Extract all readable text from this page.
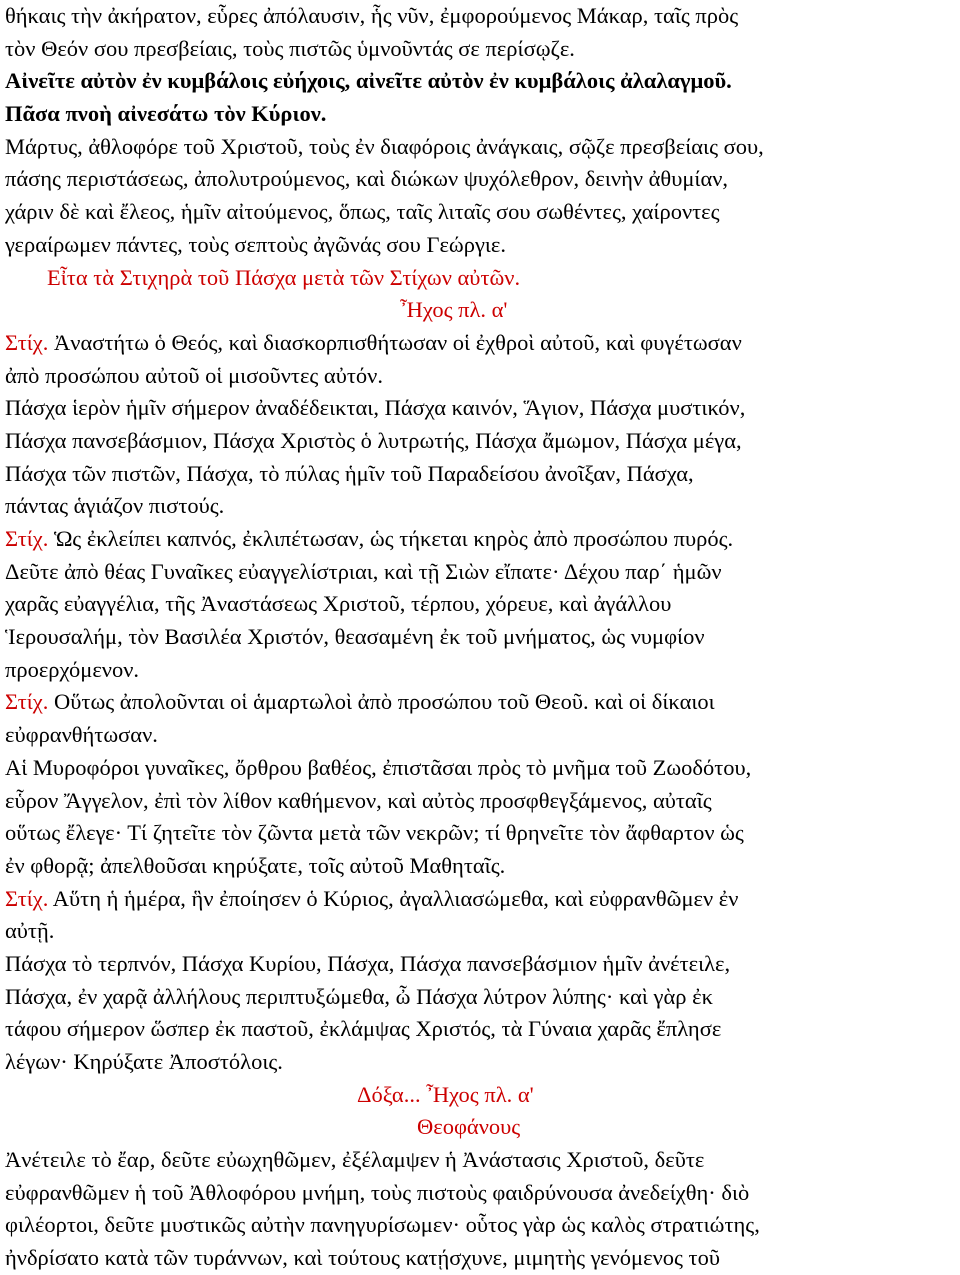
θήκαις τὴν ἀκήρατον, εὗρες ἀπόλαυσιν, ἧς νῦν, ἐμφορούμενος Μάκαρ, ταῖς πρὸς
τὸν Θεόν σου πρεσβείαις, τοὺς πιστῶς ὑμνοῦντάς σε περίσῳζε.
Αἰνεῖτε αὐτὸν ἐν κυμβάλοις εὐήχοις, αἰνεῖτε αὐτὸν ἐν κυμβάλοις ἀλαλαγμοῦ.
Πᾶσα πνοὴ αἰνεσάτω τὸν Κύριον.
Μάρτυς, ἀθλοφόρε τοῦ Χριστοῦ, τοὺς ἐν διαφόροις ἀνάγκαις, σῷζε πρεσβείαις σου,
πάσης περιστάσεως, ἀπολυτρούμενος, καὶ διώκων ψυχόλεθρον, δεινὴν ἀθυμίαν,
χάριν δὲ καὶ ἔλεος, ἡμῖν αἰτούμενος, ὅπως, ταῖς λιταῖς σου σωθέντες, χαίροντες
γεραίρωμεν πάντες, τοὺς σεπτοὺς ἀγῶνάς σου Γεώργιε.
Εἶτα τὰ Στιχηρὰ τοῦ Πάσχα μετὰ τῶν Στίχων αὐτῶν.
Ἦχος πλ. α'
Στίχ. Ἀναστήτω ὁ Θεός, καὶ διασκορπισθήτωσαν οἱ ἐχθροὶ αὐτοῦ, καὶ φυγέτωσαν
ἀπὸ προσώπου αὐτοῦ οἱ μισοῦντες αὐτόν.
Πάσχα ἱερὸν ἡμῖν σήμερον ἀναδέδεικται, Πάσχα καινόν, Ἅγιον, Πάσχα μυστικόν,
Πάσχα πανσεβάσμιον, Πάσχα Χριστὸς ὁ λυτρωτής, Πάσχα ἄμωμον, Πάσχα μέγα,
Πάσχα τῶν πιστῶν, Πάσχα, τὸ πύλας ἡμῖν τοῦ Παραδείσου ἀνοῖξαν, Πάσχα,
πάντας ἁγιάζον πιστούς.
Στίχ. Ὡς ἐκλείπει καπνός, ἐκλιπέτωσαν, ὡς τήκεται κηρὸς ἀπὸ προσώπου πυρός.
Δεῦτε ἀπὸ θέας Γυναῖκες εὐαγγελίστριαι, καὶ τῇ Σιὼν εἴπατε· Δέχου παρ΄ ἡμῶν
χαρᾶς εὐαγγέλια, τῆς Ἀναστάσεως Χριστοῦ, τέρπου, χόρευε, καὶ ἀγάλλου
Ἱερουσαλήμ, τὸν Βασιλέα Χριστόν, θεασαμένη ἐκ τοῦ μνήματος, ὡς νυμφίον
προερχόμενον.
Στίχ. Οὕτως ἀπολοῦνται οἱ ἁμαρτωλοὶ ἀπὸ προσώπου τοῦ Θεοῦ. καὶ οἱ δίκαιοι
εὐφρανθήτωσαν.
Αἱ Μυροφόροι γυναῖκες, ὄρθρου βαθέος, ἐπιστᾶσαι πρὸς τὸ μνῆμα τοῦ Ζωοδότου,
εὗρον Ἄγγελον, ἐπὶ τὸν λίθον καθήμενον, καὶ αὐτὸς προσφθεγξάμενος, αὐταῖς
οὕτως ἔλεγε· Τί ζητεῖτε τὸν ζῶντα μετὰ τῶν νεκρῶν; τί θρηνεῖτε τὸν ἄφθαρτον ὡς
ἐν φθορᾷ; ἀπελθοῦσαι κηρύξατε, τοῖς αὐτοῦ Μαθηταῖς.
Στίχ. Αὕτη ἡ ἡμέρα, ἣν ἐποίησεν ὁ Κύριος, ἀγαλλιασώμεθα, καὶ εὐφρανθῶμεν ἐν
αὐτῇ.
Πάσχα τὸ τερπνόν, Πάσχα Κυρίου, Πάσχα, Πάσχα πανσεβάσμιον ἡμῖν ἀνέτειλε,
Πάσχα, ἐν χαρᾷ ἀλλήλους περιπτυξώμεθα, ὦ Πάσχα λύτρον λύπης· καὶ γὰρ ἐκ
τάφου σήμερον ὥσπερ ἐκ παστοῦ, ἐκλάμψας Χριστός, τὰ Γύναια χαρᾶς ἔπλησε
λέγων· Κηρύξατε Ἀποστόλοις.
Δόξα... Ἦχος πλ. α'
Θεοφάνους
Ἀνέτειλε τὸ ἔαρ, δεῦτε εὐωχηθῶμεν, ἐξέλαμψεν ἡ Ἀνάστασις Χριστοῦ, δεῦτε
εὐφρανθῶμεν ἡ τοῦ Ἀθλοφόρου μνήμη, τοὺς πιστοὺς φαιδρύνουσα ἀνεδείχθη· διὸ
φιλέορτοι, δεῦτε μυστικῶς αὐτὴν πανηγυρίσωμεν· οὗτος γὰρ ὡς καλὸς στρατιώτης,
ἠνδρίσατο κατὰ τῶν τυράννων, καὶ τούτους κατῄσχυνε, μιμητὴς γενόμενος τοῦ
